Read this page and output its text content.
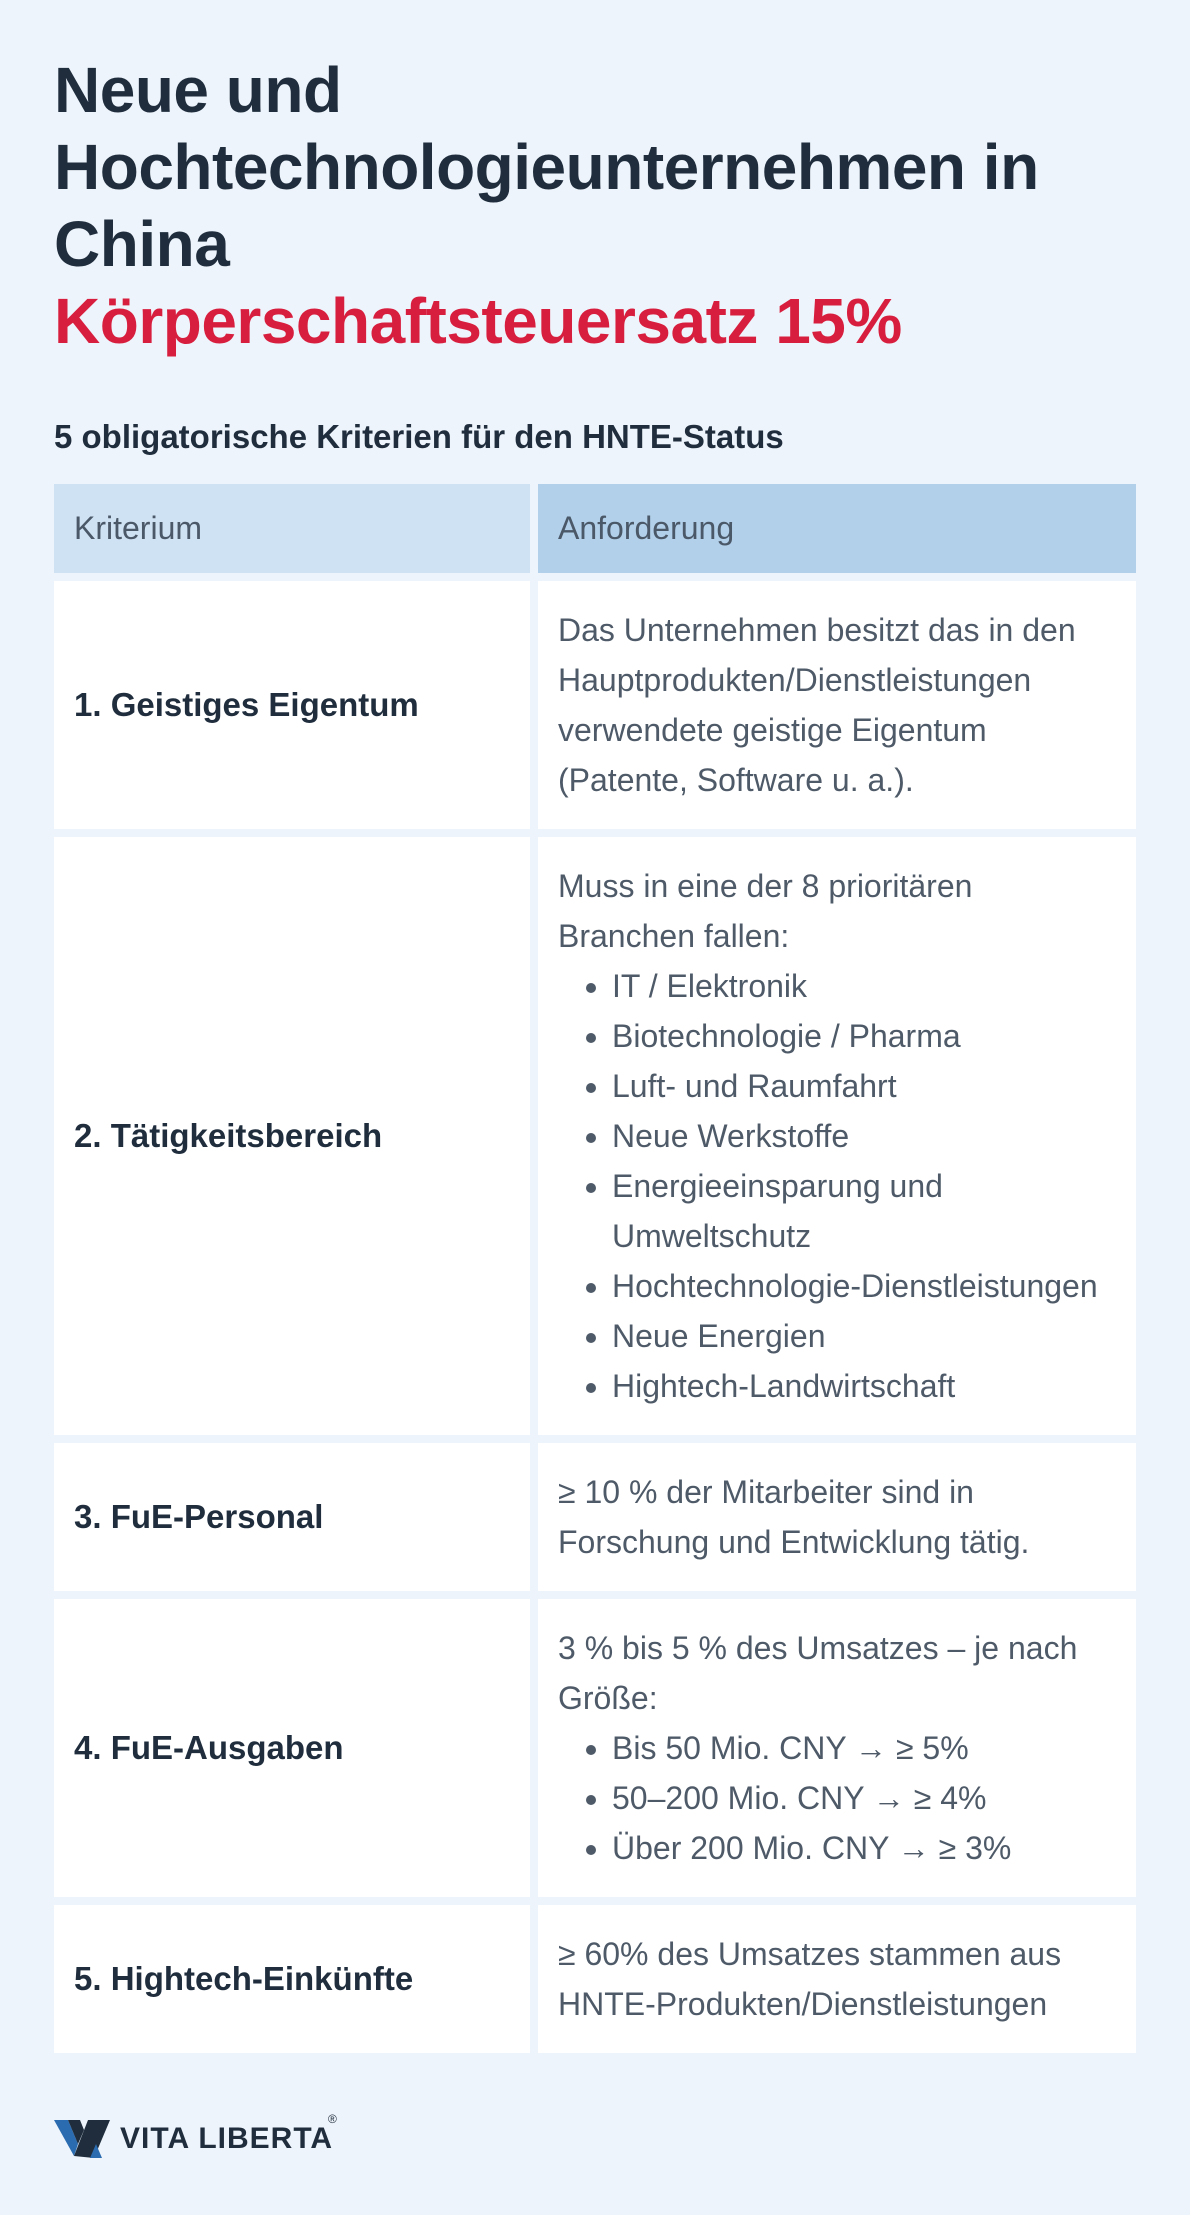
Neue und
Hochtechnologieunternehmen in
China
Körperschaftsteuersatz 15%
5 obligatorische Kriterien für den HNTE-Status
Kriterium	Anforderung
1. Geistiges Eigentum
Das Unternehmen besitzt das in den Hauptprodukten/Dienstleistungen verwendete geistige Eigentum (Patente, Software u. a.).
2. Tätigkeitsbereich
Muss in eine der 8 prioritären Branchen fallen:
• IT / Elektronik
• Biotechnologie / Pharma
• Luft- und Raumfahrt
• Neue Werkstoffe
• Energieeinsparung und Umweltschutz
• Hochtechnologie-Dienstleistungen
• Neue Energien
• Hightech-Landwirtschaft
3. FuE-Personal
≥ 10 % der Mitarbeiter sind in Forschung und Entwicklung tätig.
4. FuE-Ausgaben
3 % bis 5 % des Umsatzes – je nach Größe:
• Bis 50 Mio. CNY → ≥ 5%
• 50–200 Mio. CNY → ≥ 4%
• Über 200 Mio. CNY → ≥ 3%
5. Hightech-Einkünfte
≥ 60% des Umsatzes stammen aus HNTE-Produkten/Dienstleistungen
VITA LIBERTA
®
